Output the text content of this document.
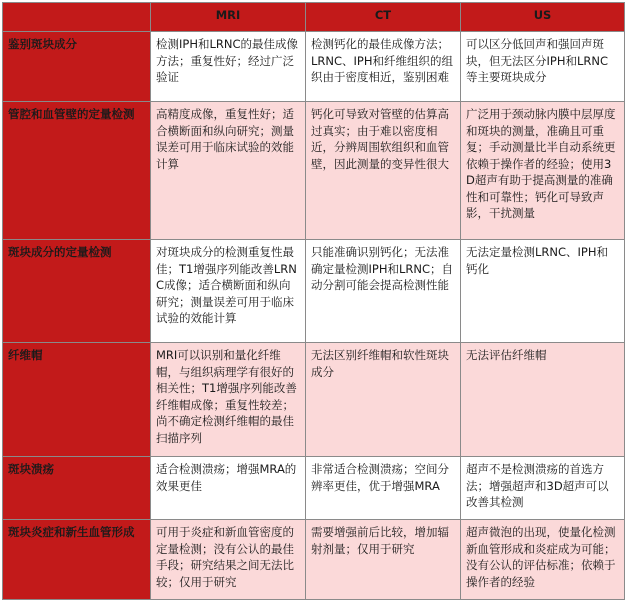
	MRI	CT	US
鉴别斑块成分	检测IPH和LRNC的最佳成像方法；重复性好；经过广泛验证	检测钙化的最佳成像方法；LRNC、IPH和纤维组织的组织由于密度相近，鉴别困难	可以区分低回声和强回声斑块，但无法区分IPH和LRNC等主要斑块成分
管腔和血管壁的定量检测	高精度成像，重复性好；适合横断面和纵向研究；测量误差可用于临床试验的效能计算	钙化可导致对管壁的估算高过真实；由于难以密度相近，分辨周围软组织和血管壁，因此测量的变异性很大	广泛用于颈动脉内膜中层厚度和斑块的测量，准确且可重复；手动测量比半自动系统更依赖于操作者的经验；使用3D超声有助于提高测量的准确性和可靠性；钙化可导致声影，干扰测量
斑块成分的定量检测	对斑块成分的检测重复性最佳；T1增强序列能改善LRNC成像；适合横断面和纵向研究；测量误差可用于临床试验的效能计算	只能准确识别钙化；无法准确定量检测IPH和LRNC；自动分割可能会提高检测性能	无法定量检测LRNC、IPH和钙化
纤维帽	MRI可以识别和量化纤维帽，与组织病理学有很好的相关性；T1增强序列能改善纤维帽成像；重复性较差；尚不确定检测纤维帽的最佳扫描序列	无法区别纤维帽和软性斑块成分	无法评估纤维帽
斑块溃疡	适合检测溃疡；增强MRA的效果更佳	非常适合检测溃疡；空间分辨率更佳，优于增强MRA	超声不是检测溃疡的首选方法；增强超声和3D超声可以改善其检测
斑块炎症和新生血管形成	可用于炎症和新血管密度的定量检测；没有公认的最佳手段；研究结果之间无法比较；仅用于研究	需要增强前后比较，增加辐射剂量；仅用于研究	超声微泡的出现，使量化检测新血管形成和炎症成为可能；没有公认的评估标准；依赖于操作者的经验
